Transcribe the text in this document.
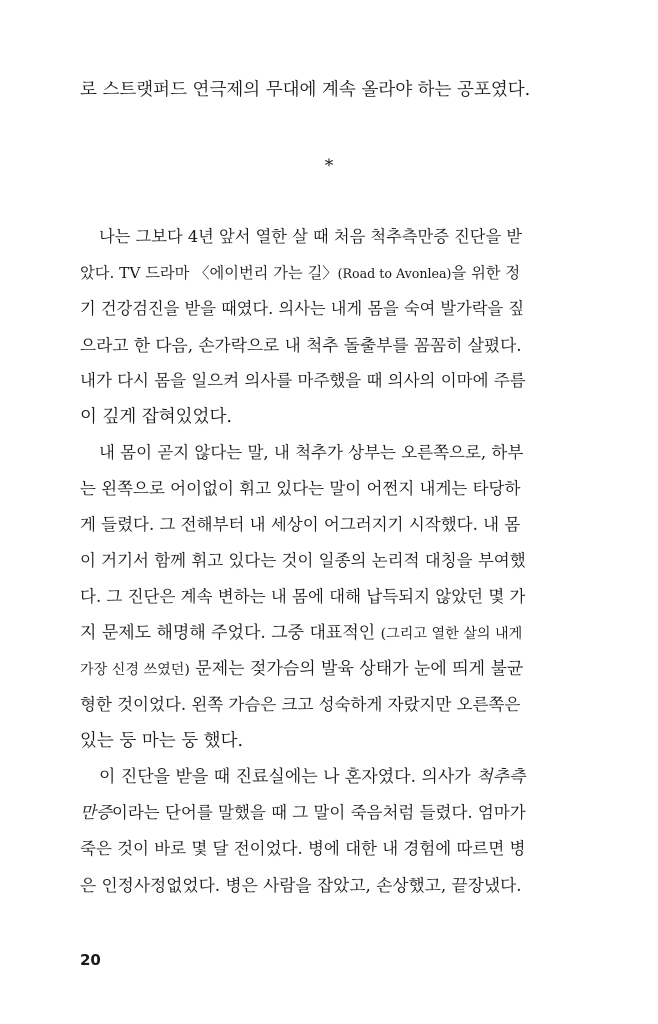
로 스트랫퍼드 연극제의 무대에 계속 올라야 하는 공포였다.
*
나는 그보다 4년 앞서 열한 살 때 처음 척추측만증 진단을 받
았다. TV 드라마 〈에이번리 가는 길〉(Road to Avonlea)을 위한 정
기 건강검진을 받을 때였다. 의사는 내게 몸을 숙여 발가락을 짚
으라고 한 다음, 손가락으로 내 척추 돌출부를 꼼꼼히 살폈다.
내가 다시 몸을 일으켜 의사를 마주했을 때 의사의 이마에 주름
이 깊게 잡혀있었다.
내 몸이 곧지 않다는 말, 내 척추가 상부는 오른쪽으로, 하부
는 왼쪽으로 어이없이 휘고 있다는 말이 어쩐지 내게는 타당하
게 들렸다. 그 전해부터 내 세상이 어그러지기 시작했다. 내 몸
이 거기서 함께 휘고 있다는 것이 일종의 논리적 대칭을 부여했
다. 그 진단은 계속 변하는 내 몸에 대해 납득되지 않았던 몇 가
지 문제도 해명해 주었다. 그중 대표적인 (그리고 열한 살의 내게
가장 신경 쓰였던) 문제는 젖가슴의 발육 상태가 눈에 띄게 불균
형한 것이었다. 왼쪽 가슴은 크고 성숙하게 자랐지만 오른쪽은
있는 둥 마는 둥 했다.
이 진단을 받을 때 진료실에는 나 혼자였다. 의사가 척추측
만증이라는 단어를 말했을 때 그 말이 죽음처럼 들렸다. 엄마가
죽은 것이 바로 몇 달 전이었다. 병에 대한 내 경험에 따르면 병
은 인정사정없었다. 병은 사람을 잡았고, 손상했고, 끝장냈다.
20
